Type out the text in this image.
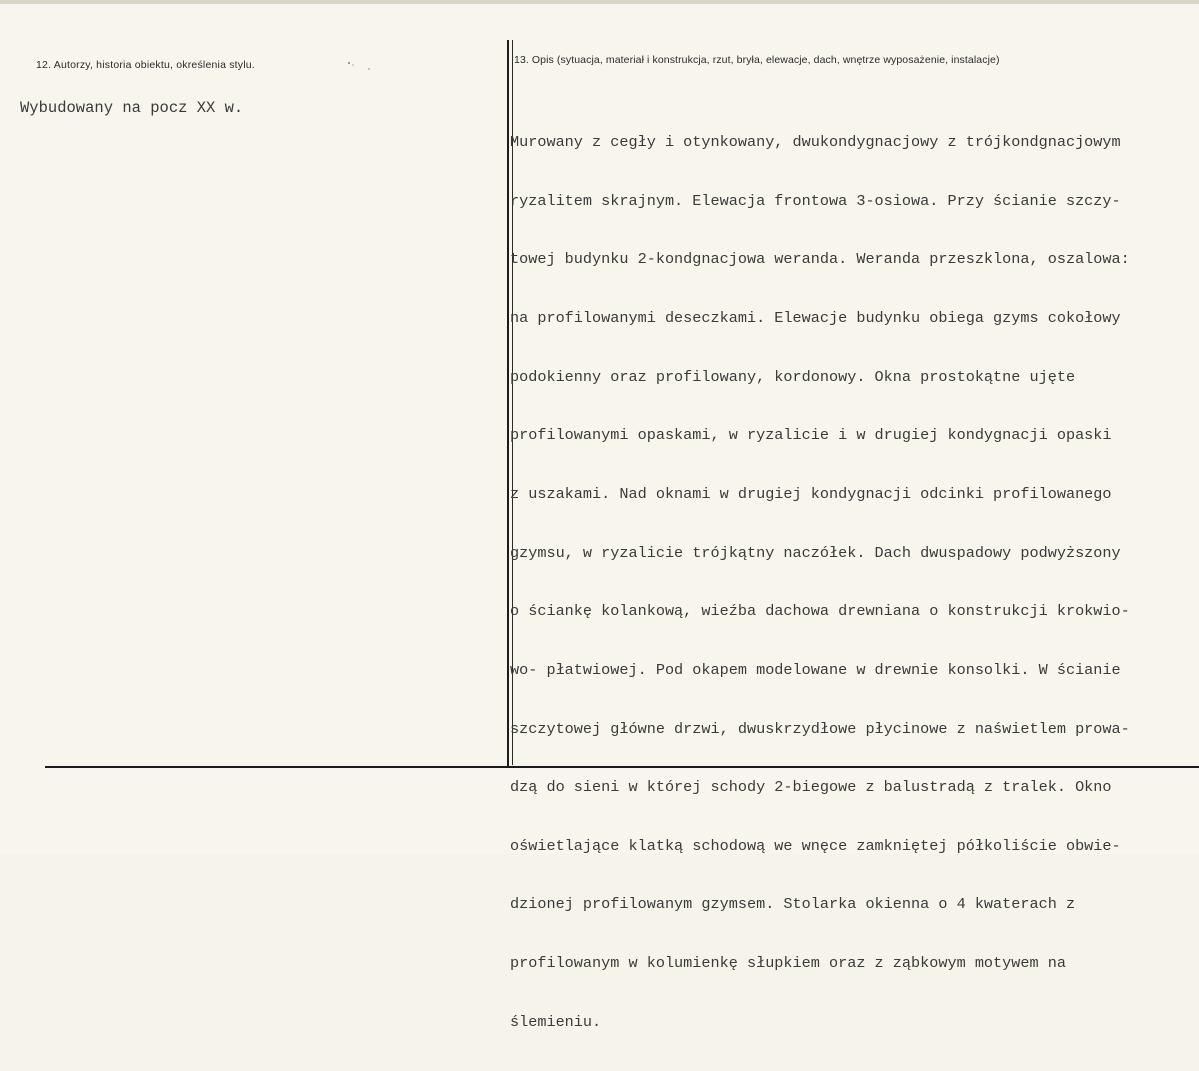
12. Autorzy, historia obiektu, określenia stylu.	13. Opis (sytuacja, materiał i konstrukcja, rzut, bryła, elewacje, dach, wnętrze wyposażenie, instalacje)
Wybudowany na pocz XX w.

Murowany z cegły i otynkowany, dwukondygnacjowy z trójkondgnacjowym

ryzalitem skrajnym. Elewacja frontowa 3-osiowa. Przy ścianie szczy-

towej budynku 2-kondgnacjowa weranda. Weranda przeszklona, oszalowa:

na profilowanymi deseczkami. Elewacje budynku obiega gzyms cokołowy

podokienny oraz profilowany, kordonowy. Okna prostokątne ujęte

profilowanymi opaskami, w ryzalicie i w drugiej kondygnacji opaski

z uszakami. Nad oknami w drugiej kondygnacji odcinki profilowanego

gzymsu, w ryzalicie trójkątny naczółek. Dach dwuspadowy podwyższony

o ściankę kolankową, wieźba dachowa drewniana o konstrukcji krokwio-

wo- płatwiowej. Pod okapem modelowane w drewnie konsolki. W ścianie

szczytowej główne drzwi, dwuskrzydłowe płycinowe z naświetlem prowa-

dzą do sieni w której schody 2-biegowe z balustradą z tralek. Okno

oświetlające klatką schodową we wnęce zamkniętej półkoliście obwie-

dzionej profilowanym gzymsem. Stolarka okienna o 4 kwaterach z

profilowanym w kolumienkę słupkiem oraz z ząbkowym motywem na

ślemieniu.
